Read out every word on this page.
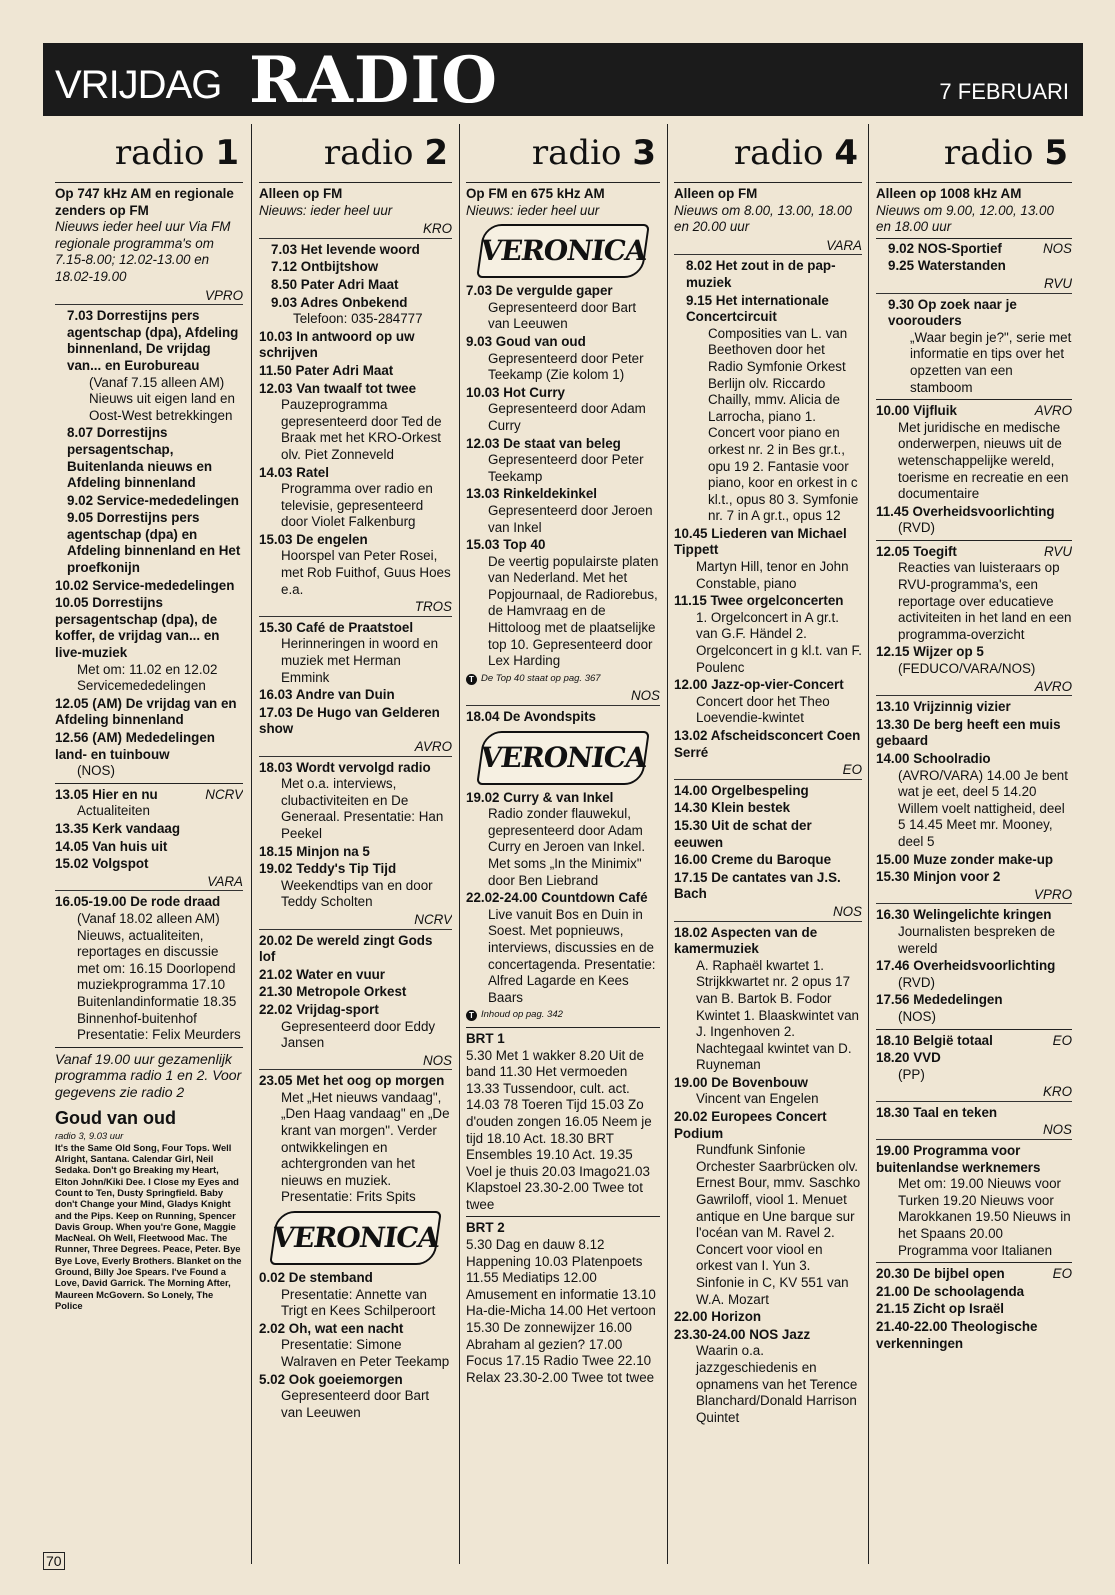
VRIJDAG RADIO	7 FEBRUARI
radio 1
Op 747 kHz AM en regionale zenders op FM
Nieuws ieder heel uur Via FM regionale programma's om 7.15-8.00; 12.02-13.00 en 18.02-19.00
VPRO
7.03 Dorrestijns pers agentschap (dpa), Afdeling binnenland, De vrijdag van... en Eurobureau
(Vanaf 7.15 alleen AM) Nieuws uit eigen land en Oost-West betrekkingen
8.07 Dorrestijns persagentschap, Buitenlanda nieuws en Afdeling binnenland
9.02 Service-mededelingen
9.05 Dorrestijns pers agentschap (dpa) en Afdeling binnenland en Het proefkonijn
10.02 Service-mededelingen
10.05 Dorrestijns persagentschap (dpa), de koffer, de vrijdag van... en live-muziek
Met om: 11.02 en 12.02 Servicemededelingen
12.05 (AM) De vrijdag van en Afdeling binnenland
12.56 (AM) Mededelingen land- en tuinbouw
(NOS)
13.05 Hier en nu	NCRV
Actualiteiten
13.35 Kerk vandaag
14.05 Van huis uit
15.02 Volgspot
VARA
16.05-19.00 De rode draad
(Vanaf 18.02 alleen AM) Nieuws, actualiteiten, reportages en discussie met om: 16.15 Doorlopend muziekprogramma 17.10 Buitenlandinformatie 18.35 Binnenhof-buitenhof Presentatie: Felix Meurders
Vanaf 19.00 uur gezamenlijk programma radio 1 en 2. Voor gegevens zie radio 2
Goud van oud
radio 3, 9.03 uur
It's the Same Old Song, Four Tops. Well Alright, Santana. Calendar Girl, Neil Sedaka. Don't go Breaking my Heart, Elton John/Kiki Dee. I Close my Eyes and Count to Ten, Dusty Springfield. Baby don't Change your Mind, Gladys Knight and the Pips. Keep on Running, Spencer Davis Group. When you're Gone, Maggie MacNeal. Oh Well, Fleetwood Mac. The Runner, Three Degrees. Peace, Peter. Bye Bye Love, Everly Brothers. Blanket on the Ground, Billy Joe Spears. I've Found a Love, David Garrick. The Morning After, Maureen McGovern. So Lonely, The Police
radio 2
Alleen op FM
Nieuws: ieder heel uur
KRO
7.03 Het levende woord
7.12 Ontbijtshow
8.50 Pater Adri Maat
9.03 Adres Onbekend
Telefoon: 035-284777
10.03 In antwoord op uw schrijven
11.50 Pater Adri Maat
12.03 Van twaalf tot twee
Pauzeprogramma gepresenteerd door Ted de Braak met het KRO-Orkest olv. Piet Zonneveld
14.03 Ratel
Programma over radio en televisie, gepresenteerd door Violet Falkenburg
15.03 De engelen
Hoorspel van Peter Rosei, met Rob Fuithof, Guus Hoes e.a.
TROS
15.30 Café de Praatstoel
Herinneringen in woord en muziek met Herman Emmink
16.03 Andre van Duin
17.03 De Hugo van Gelderen show
AVRO
18.03 Wordt vervolgd radio
Met o.a. interviews, clubactiviteiten en De Generaal. Presentatie: Han Peekel
18.15 Minjon na 5
19.02 Teddy's Tip Tijd
Weekendtips van en door Teddy Scholten
NCRV
20.02 De wereld zingt Gods lof
21.02 Water en vuur
21.30 Metropole Orkest
22.02 Vrijdag-sport
Gepresenteerd door Eddy Jansen
NOS
23.05 Met het oog op morgen
Met „Het nieuws vandaag", „Den Haag vandaag" en „De krant van morgen". Verder ontwikkelingen en achtergronden van het nieuws en muziek. Presentatie: Frits Spits
VERONICA
0.02 De stemband
Presentatie: Annette van Trigt en Kees Schilperoort
2.02 Oh, wat een nacht
Presentatie: Simone Walraven en Peter Teekamp
5.02 Ook goeiemorgen
Gepresenteerd door Bart van Leeuwen
radio 3
Op FM en 675 kHz AM
Nieuws: ieder heel uur
VERONICA
7.03 De vergulde gaper
Gepresenteerd door Bart van Leeuwen
9.03 Goud van oud
Gepresenteerd door Peter Teekamp (Zie kolom 1)
10.03 Hot Curry
Gepresenteerd door Adam Curry
12.03 De staat van beleg
Gepresenteerd door Peter Teekamp
13.03 Rinkeldekinkel
Gepresenteerd door Jeroen van Inkel
15.03 Top 40
De veertig populairste platen van Nederland. Met het Popjournaal, de Radiorebus, de Hamvraag en de Hittoloog met de plaatselijke top 10. Gepresenteerd door Lex Harding
T De Top 40 staat op pag. 367
NOS
18.04 De Avondspits
VERONICA
19.02 Curry & van Inkel
Radio zonder flauwekul, gepresenteerd door Adam Curry en Jeroen van Inkel. Met soms „In the Minimix" door Ben Liebrand
22.02-24.00 Countdown Café
Live vanuit Bos en Duin in Soest. Met popnieuws, interviews, discussies en de concertagenda. Presentatie: Alfred Lagarde en Kees Baars
T Inhoud op pag. 342
BRT 1
5.30 Met 1 wakker 8.20 Uit de band 11.30 Het vermoeden 13.33 Tussendoor, cult. act. 14.03 78 Toeren Tijd 15.03 Zo d'ouden zongen 16.05 Neem je tijd 18.10 Act. 18.30 BRT Ensembles 19.10 Act. 19.35 Voel je thuis 20.03 Imago21.03 Klapstoel 23.30-2.00 Twee tot twee
BRT 2
5.30 Dag en dauw 8.12 Happening 10.03 Platenpoets 11.55 Mediatips 12.00 Amusement en informatie 13.10 Ha-die-Micha 14.00 Het vertoon 15.30 De zonnewijzer 16.00 Abraham al gezien? 17.00 Focus 17.15 Radio Twee 22.10 Relax 23.30-2.00 Twee tot twee
radio 4
Alleen op FM
Nieuws om 8.00, 13.00, 18.00 en 20.00 uur
VARA
8.02 Het zout in de pap-muziek
9.15 Het internationale Concertcircuit
Composities van L. van Beethoven door het Radio Symfonie Orkest Berlijn olv. Riccardo Chailly, mmv. Alicia de Larrocha, piano 1. Concert voor piano en orkest nr. 2 in Bes gr.t., opu 19 2. Fantasie voor piano, koor en orkest in c kl.t., opus 80 3. Symfonie nr. 7 in A gr.t., opus 12
10.45 Liederen van Michael Tippett
Martyn Hill, tenor en John Constable, piano
11.15 Twee orgelconcerten
1. Orgelconcert in A gr.t. van G.F. Händel 2. Orgelconcert in g kl.t. van F. Poulenc
12.00 Jazz-op-vier-Concert
Concert door het Theo Loevendie-kwintet
13.02 Afscheidsconcert Coen Serré
EO
14.00 Orgelbespeling
14.30 Klein bestek
15.30 Uit de schat der eeuwen
16.00 Creme du Baroque
17.15 De cantates van J.S. Bach
NOS
18.02 Aspecten van de kamermuziek
A. Raphaël kwartet 1. Strijkkwartet nr. 2 opus 17 van B. Bartok B. Fodor Kwintet 1. Blaaskwintet van J. Ingenhoven 2. Nachtegaal kwintet van D. Ruyneman
19.00 De Bovenbouw
Vincent van Engelen
20.02 Europees Concert Podium
Rundfunk Sinfonie Orchester Saarbrücken olv. Ernest Bour, mmv. Saschko Gawriloff, viool 1. Menuet antique en Une barque sur l'océan van M. Ravel 2. Concert voor viool en orkest van I. Yun 3. Sinfonie in C, KV 551 van W.A. Mozart
22.00 Horizon
23.30-24.00 NOS Jazz
Waarin o.a. jazzgeschiedenis en opnamens van het Terence Blanchard/Donald Harrison Quintet
radio 5
Alleen op 1008 kHz AM
Nieuws om 9.00, 12.00, 13.00 en 18.00 uur
9.02 NOS-Sportief	NOS
9.25 Waterstanden
RVU
9.30 Op zoek naar je voorouders
„Waar begin je?", serie met informatie en tips over het opzetten van een stamboom
10.00 Vijfluik	AVRO
Met juridische en medische onderwerpen, nieuws uit de wetenschappelijke wereld, toerisme en recreatie en een documentaire
11.45 Overheidsvoorlichting
(RVD)
12.05 Toegift	RVU
Reacties van luisteraars op RVU-programma's, een reportage over educatieve activiteiten in het land en een programma-overzicht
12.15 Wijzer op 5
(FEDUCO/VARA/NOS)
AVRO
13.10 Vrijzinnig vizier
13.30 De berg heeft een muis gebaard
14.00 Schoolradio
(AVRO/VARA) 14.00 Je bent wat je eet, deel 5 14.20 Willem voelt nattigheid, deel 5 14.45 Meet mr. Mooney, deel 5
15.00 Muze zonder make-up
15.30 Minjon voor 2
VPRO
16.30 Welingelichte kringen
Journalisten bespreken de wereld
17.46 Overheidsvoorlichting
(RVD)
17.56 Mededelingen
(NOS)
18.10 België totaal	EO
18.20 VVD
(PP)
KRO
18.30 Taal en teken
NOS
19.00 Programma voor buitenlandse werknemers
Met om: 19.00 Nieuws voor Turken 19.20 Nieuws voor Marokkanen 19.50 Nieuws in het Spaans 20.00 Programma voor Italianen
20.30 De bijbel open	EO
21.00 De schoolagenda
21.15 Zicht op Israël
21.40-22.00 Theologische verkenningen
70
